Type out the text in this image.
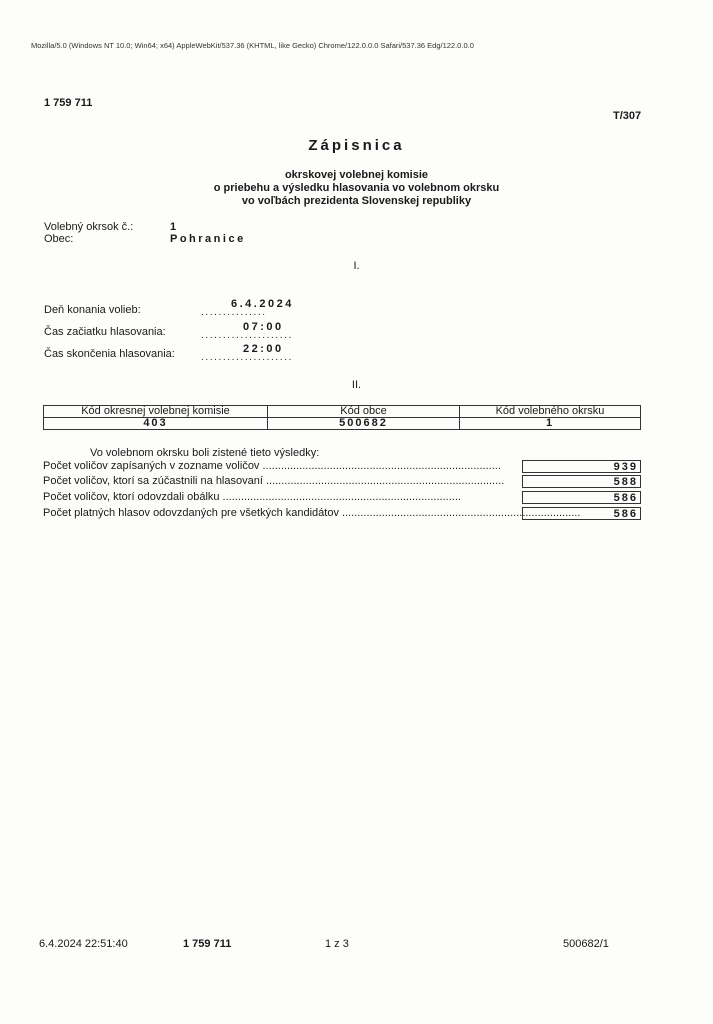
Mozilla/5.0 (Windows NT 10.0; Win64; x64) AppleWebKit/537.36 (KHTML, like Gecko) Chrome/122.0.0.0 Safari/537.36 Edg/122.0.0.0
1 759 711
T/307
Zápisnica
okrskovej volebnej komisie
o priebehu a výsledku hlasovania vo volebnom okrsku
vo voľbách prezidenta Slovenskej republiky
Volebný okrsok č.:	1
Obec:	Pohranice
I.
Deň konania volieb:	6.4.2024
...............
Čas začiatku hlasovania:	07:00
.....................
Čas skončenia hlasovania:	22:00
.....................
II.
Kód okresnej volebnej komisie	Kód obce	Kód volebného okrsku
403	500682	1
Vo volebnom okrsku boli zistené tieto výsledky:
Počet voličov zapísaných v zozname voličov ..............................................................................	939
Počet voličov, ktorí sa zúčastnili na hlasovaní ..............................................................................	588
Počet voličov, ktorí odovzdali obálku ..............................................................................	586
Počet platných hlasov odovzdaných pre všetkých kandidátov ..............................................................................	586
6.4.2024 22:51:40	1 759 711	1 z 3	500682/1
